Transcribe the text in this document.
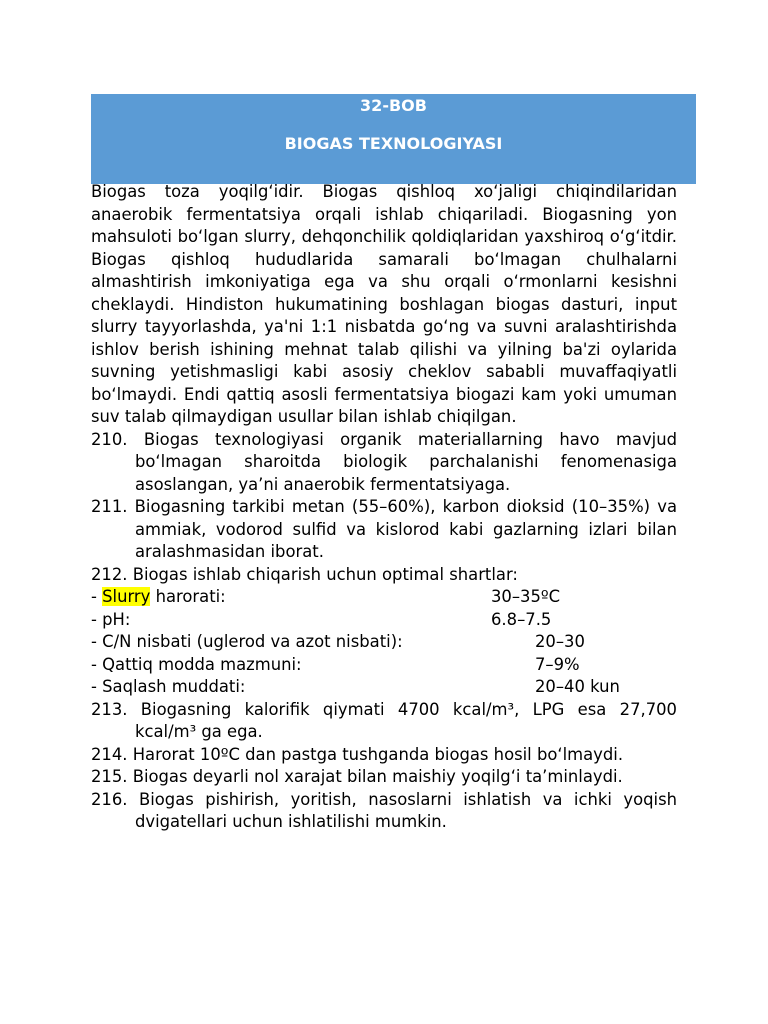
32-BOB
BIOGAS TEXNOLOGIYASI

Biogas toza yoqilg‘idir. Biogas qishloq xo‘jaligi chiqindilaridan anaerobik fermentatsiya orqali ishlab chiqariladi. Biogasning yon mahsuloti bo‘lgan slurry, dehqonchilik qoldiqlaridan yaxshiroq o‘g‘itdir. Biogas qishloq hududlarida samarali bo‘lmagan chulhalarni almashtirish imkoniyatiga ega va shu orqali o‘rmonlarni kesishni cheklaydi. Hindiston hukumatining boshlagan biogas dasturi, input slurry tayyorlashda, ya'ni 1:1 nisbatda go‘ng va suvni aralashtirishda ishlov berish ishining mehnat talab qilishi va yilning ba'zi oylarida suvning yetishmasligi kabi asosiy cheklov sababli muvaffaqiyatli bo‘lmaydi. Endi qattiq asosli fermentatsiya biogazi kam yoki umuman suv talab qilmaydigan usullar bilan ishlab chiqilgan.

210. Biogas texnologiyasi organik materiallarning havo mavjud bo‘lmagan sharoitda biologik parchalanishi fenomenasiga asoslangan, ya’ni anaerobik fermentatsiyaga.

211. Biogasning tarkibi metan (55–60%), karbon dioksid (10–35%) va ammiak, vodorod sulfid va kislorod kabi gazlarning izlari bilan aralashmasidan iborat.

212. Biogas ishlab chiqarish uchun optimal shartlar:

- Slurry harorati:	30–35ºC
- pH:	6.8–7.5
- C/N nisbati (uglerod va azot nisbati):	20–30
- Qattiq modda mazmuni:	7–9%
- Saqlash muddati:	20–40 kun

213. Biogasning kalorifik qiymati 4700 kcal/m³, LPG esa 27,700 kcal/m³ ga ega.

214. Harorat 10ºC dan pastga tushganda biogas hosil bo‘lmaydi.

215. Biogas deyarli nol xarajat bilan maishiy yoqilg‘i ta’minlaydi.

216. Biogas pishirish, yoritish, nasoslarni ishlatish va ichki yoqish dvigatellari uchun ishlatilishi mumkin.
